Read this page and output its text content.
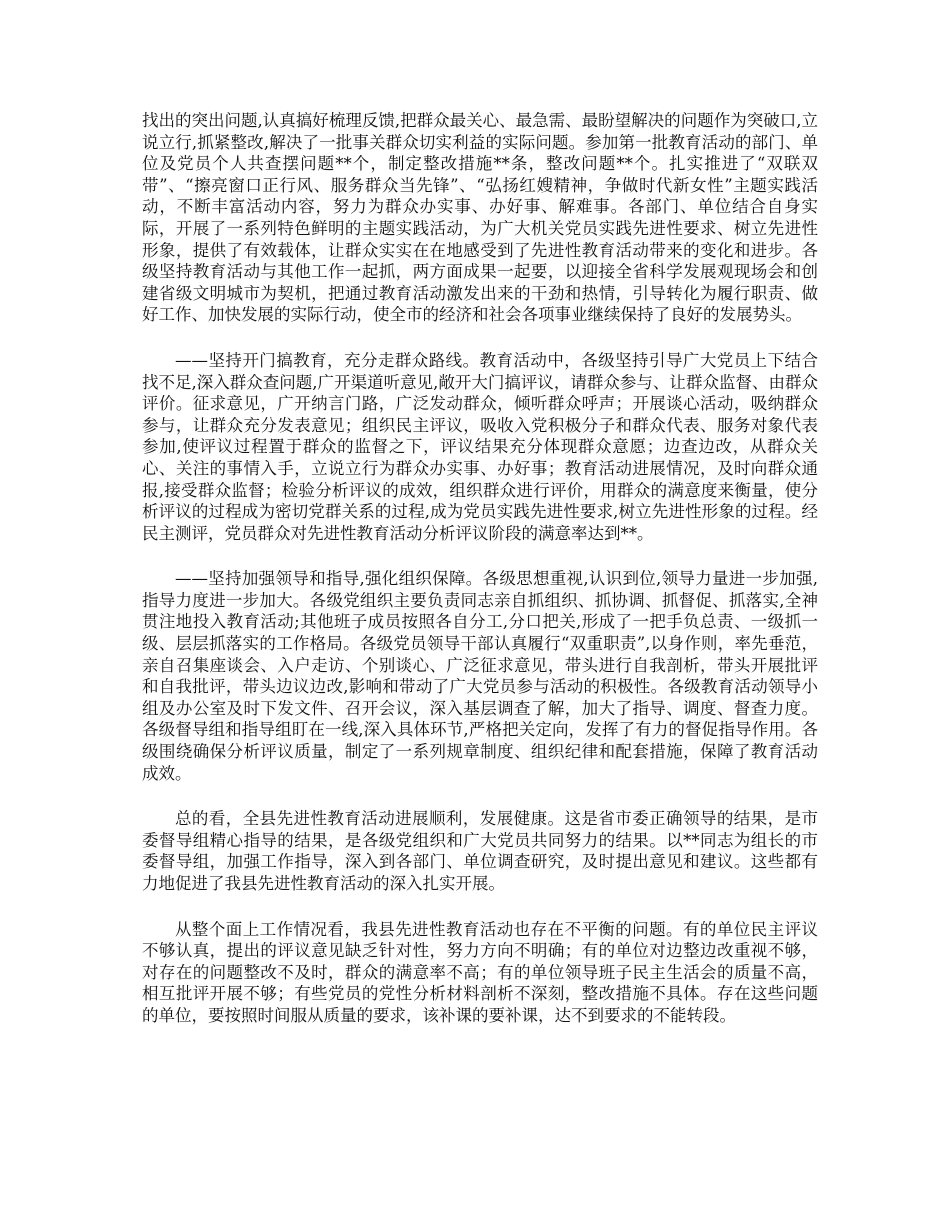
找出的突出问题,认真搞好梳理反馈,把群众最关心、最急需、最盼望解决的问题作为突破口,立说立行,抓紧整改,解决了一批事关群众切实利益的实际问题。参加第一批教育活动的部门、单位及党员个人共查摆问题**个，制定整改措施**条，整改问题**个。扎实推进了“双联双带”、“擦亮窗口正行风、服务群众当先锋”、“弘扬红嫂精神，争做时代新女性”主题实践活动，不断丰富活动内容，努力为群众办实事、办好事、解难事。各部门、单位结合自身实际，开展了一系列特色鲜明的主题实践活动，为广大机关党员实践先进性要求、树立先进性形象，提供了有效载体，让群众实实在在地感受到了先进性教育活动带来的变化和进步。各级坚持教育活动与其他工作一起抓，两方面成果一起要，以迎接全省科学发展观现场会和创建省级文明城市为契机，把通过教育活动激发出来的干劲和热情，引导转化为履行职责、做好工作、加快发展的实际行动，使全市的经济和社会各项事业继续保持了良好的发展势头。

——坚持开门搞教育，充分走群众路线。教育活动中，各级坚持引导广大党员上下结合找不足,深入群众查问题,广开渠道听意见,敞开大门搞评议，请群众参与、让群众监督、由群众评价。征求意见，广开纳言门路，广泛发动群众，倾听群众呼声；开展谈心活动，吸纳群众参与，让群众充分发表意见；组织民主评议，吸收入党积极分子和群众代表、服务对象代表参加,使评议过程置于群众的监督之下，评议结果充分体现群众意愿；边查边改，从群众关心、关注的事情入手，立说立行为群众办实事、办好事；教育活动进展情况，及时向群众通报,接受群众监督；检验分析评议的成效，组织群众进行评价，用群众的满意度来衡量，使分析评议的过程成为密切党群关系的过程,成为党员实践先进性要求,树立先进性形象的过程。经民主测评，党员群众对先进性教育活动分析评议阶段的满意率达到**。

——坚持加强领导和指导,强化组织保障。各级思想重视,认识到位,领导力量进一步加强,指导力度进一步加大。各级党组织主要负责同志亲自抓组织、抓协调、抓督促、抓落实,全神贯注地投入教育活动;其他班子成员按照各自分工,分口把关,形成了一把手负总责、一级抓一级、层层抓落实的工作格局。各级党员领导干部认真履行“双重职责”,以身作则，率先垂范，亲自召集座谈会、入户走访、个别谈心、广泛征求意见，带头进行自我剖析，带头开展批评和自我批评，带头边议边改,影响和带动了广大党员参与活动的积极性。各级教育活动领导小组及办公室及时下发文件、召开会议，深入基层调查了解，加大了指导、调度、督查力度。各级督导组和指导组盯在一线,深入具体环节,严格把关定向，发挥了有力的督促指导作用。各级围绕确保分析评议质量，制定了一系列规章制度、组织纪律和配套措施，保障了教育活动成效。

总的看，全县先进性教育活动进展顺利，发展健康。这是省市委正确领导的结果，是市委督导组精心指导的结果，是各级党组织和广大党员共同努力的结果。以**同志为组长的市委督导组，加强工作指导，深入到各部门、单位调查研究，及时提出意见和建议。这些都有力地促进了我县先进性教育活动的深入扎实开展。

从整个面上工作情况看，我县先进性教育活动也存在不平衡的问题。有的单位民主评议不够认真，提出的评议意见缺乏针对性，努力方向不明确；有的单位对边整边改重视不够，对存在的问题整改不及时，群众的满意率不高；有的单位领导班子民主生活会的质量不高，相互批评开展不够；有些党员的党性分析材料剖析不深刻，整改措施不具体。存在这些问题的单位，要按照时间服从质量的要求，该补课的要补课，达不到要求的不能转段。
